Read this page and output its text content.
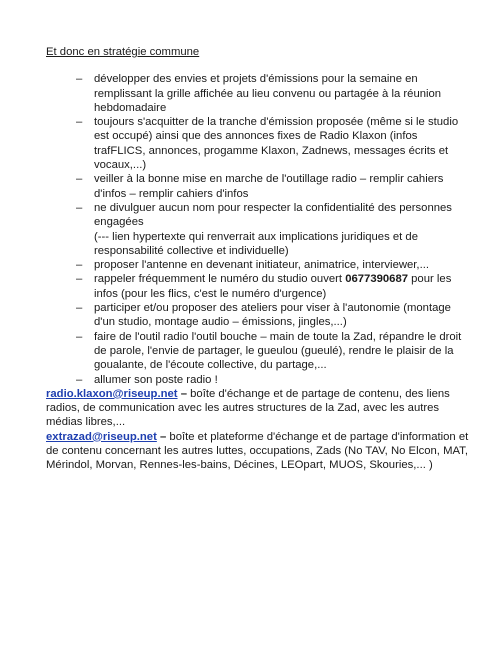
Et donc en stratégie commune

– développer des envies et projets d'émissions pour la semaine en remplissant la grille affichée au lieu convenu ou partagée à la réunion hebdomadaire
– toujours s'acquitter de la tranche d'émission proposée (même si le studio est occupé) ainsi que des annonces fixes de Radio Klaxon (infos trafFLICS, annonces, progamme Klaxon, Zadnews, messages écrits et vocaux,...)
– veiller à la bonne mise en marche de l'outillage radio – remplir cahiers d'infos – remplir cahiers d'infos
– ne divulguer aucun nom pour respecter la confidentialité des personnes engagées
(--- lien hypertexte qui renverrait aux implications juridiques et de responsabilité collective et individuelle)
– proposer l'antenne en devenant initiateur, animatrice, interviewer,...
– rappeler fréquemment le numéro du studio ouvert 0677390687 pour les infos (pour les flics, c'est le numéro d'urgence)
– participer et/ou proposer des ateliers pour viser à l'autonomie (montage d'un studio, montage audio – émissions, jingles,...)
– faire de l'outil radio l'outil bouche – main de toute la Zad, répandre le droit de parole, l'envie de partager, le gueulou (gueulé), rendre le plaisir de la goualante, de l'écoute collective, du partage,...
– allumer son poste radio !

radio.klaxon@riseup.net – boîte d'échange et de partage de contenu, des liens radios, de communication avec les autres structures de la Zad, avec les autres médias libres,...

extrazad@riseup.net – boîte et plateforme d'échange et de partage d'information et de contenu concernant les autres luttes, occupations, Zads (No TAV, No Elcon, MAT, Mérindol, Morvan, Rennes-les-bains, Décines, LEOpart, MUOS, Skouries,... )
